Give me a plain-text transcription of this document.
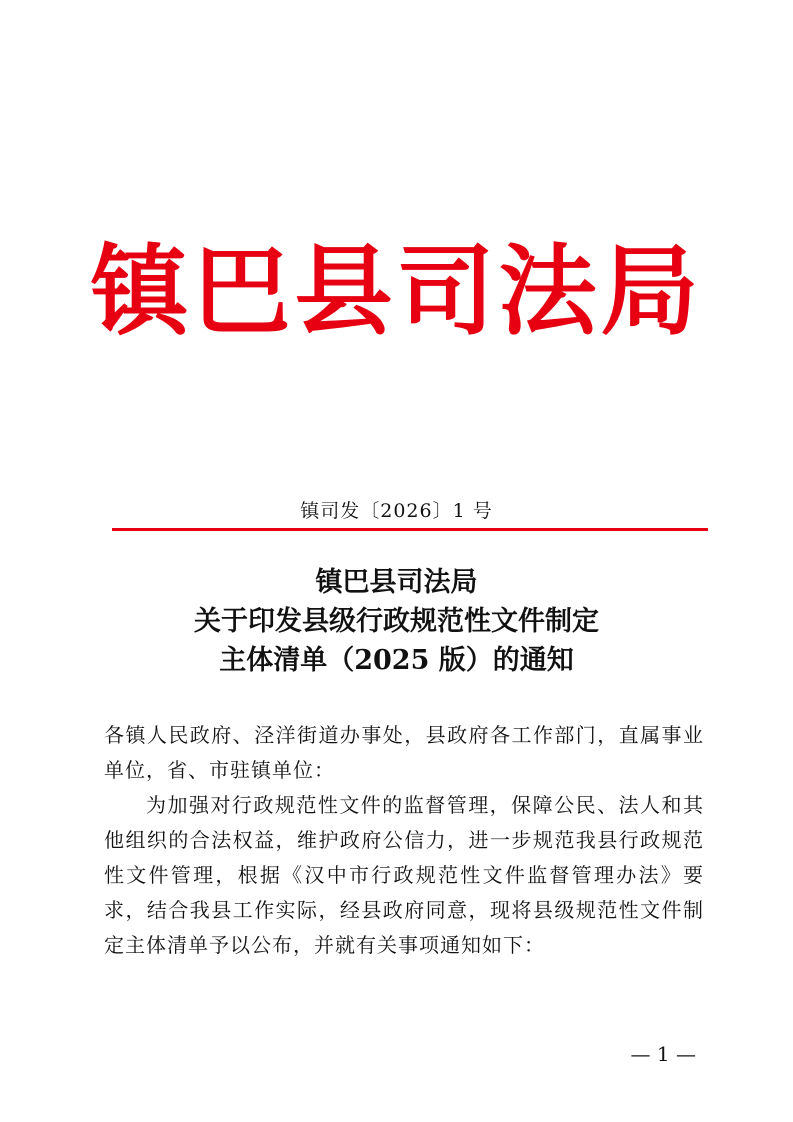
镇巴县司法局
镇司发〔2026〕1 号
镇巴县司法局
关于印发县级行政规范性文件制定
主体清单（2025 版）的通知

各镇人民政府、泾洋街道办事处，县政府各工作部门，直属事业单位，省、市驻镇单位：

为加强对行政规范性文件的监督管理，保障公民、法人和其他组织的合法权益，维护政府公信力，进一步规范我县行政规范性文件管理，根据《汉中市行政规范性文件监督管理办法》要求，结合我县工作实际，经县政府同意，现将县级规范性文件制定主体清单予以公布，并就有关事项通知如下：

— 1 —
